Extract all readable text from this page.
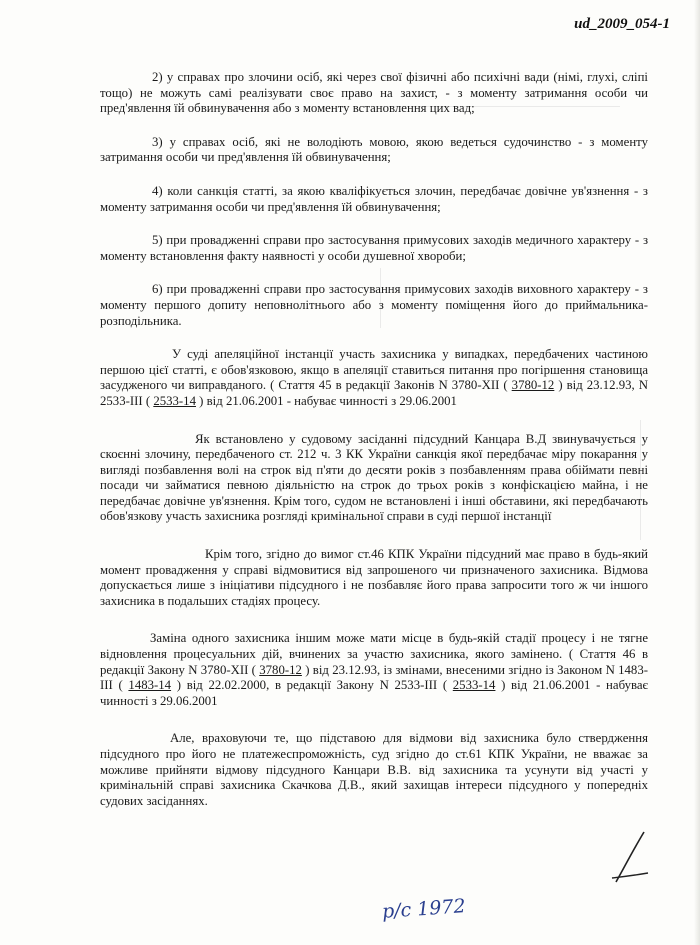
ud_2009_054-1

2) у справах про злочини осіб, які через свої фізичні або психічні вади (німі, глухі, сліпі тощо) не можуть самі реалізувати своє право на захист, - з моменту затримання особи чи пред'явлення їй обвинувачення або з моменту встановлення цих вад;

3) у справах осіб, які не володіють мовою, якою ведеться судочинство - з моменту затримання особи чи пред'явлення їй обвинувачення;

4) коли санкція статті, за якою кваліфікується злочин, передбачає довічне ув'язнення - з моменту затримання особи чи пред'явлення їй обвинувачення;

5) при провадженні справи про застосування примусових заходів медичного характеру - з моменту встановлення факту наявності у особи душевної хвороби;

6) при провадженні справи про застосування примусових заходів виховного характеру - з моменту першого допиту неповнолітнього або з моменту поміщення його до приймальника-розподільника.

У суді апеляційної інстанції участь захисника у випадках, передбачених частиною першою цієї статті, є обов'язковою, якщо в апеляції ставиться питання про погіршення становища засудженого чи виправданого. ( Стаття 45 в редакції Законів N 3780-XII ( 3780-12 ) від 23.12.93, N 2533-III ( 2533-14 ) від 21.06.2001 - набуває чинності з 29.06.2001

Як встановлено у судовому засіданні підсудний Канцара В.Д звинувачується у скоєнні злочину, передбаченого ст. 212 ч. 3 КК України санкція якої передбачає міру покарання у вигляді позбавлення волі на строк від п'яти до десяти років з позбавленням права обіймати певні посади чи займатися певною діяльністю на строк до трьох років з конфіскацією майна, і не передбачає довічне ув'язнення. Крім того, судом не встановлені і інші обставини, які передбачають обов'язкову участь захисника розгляді кримінальної справи в суді першої інстанції

Крім того, згідно до вимог ст.46 КПК України підсудний має право в будь-який момент провадження у справі відмовитися від запрошеного чи призначеного захисника. Відмова допускається лише з ініціативи підсудного і не позбавляє його права запросити того ж чи іншого захисника в подальших стадіях процесу.

Заміна одного захисника іншим може мати місце в будь-якій стадії процесу і не тягне відновлення процесуальних дій, вчинених за участю захисника, якого замінено. ( Стаття 46 в редакції Закону N 3780-XII ( 3780-12 ) від 23.12.93, із змінами, внесеними згідно із Законом N 1483-III ( 1483-14 ) від 22.02.2000, в редакції Закону N 2533-III ( 2533-14 ) від 21.06.2001 - набуває чинності з 29.06.2001

Але, враховуючи те, що підставою для відмови від захисника було ствердження підсудного про його не платежеспроможність, суд згідно до ст.61 КПК України, не вважає за можливе прийняти відмову підсудного Канцари В.В. від захисника та усунути від участі у кримінальній справі захисника Скачкова Д.В., який захищав інтереси підсудного у попередніх судових засіданнях.

р/с 1972
